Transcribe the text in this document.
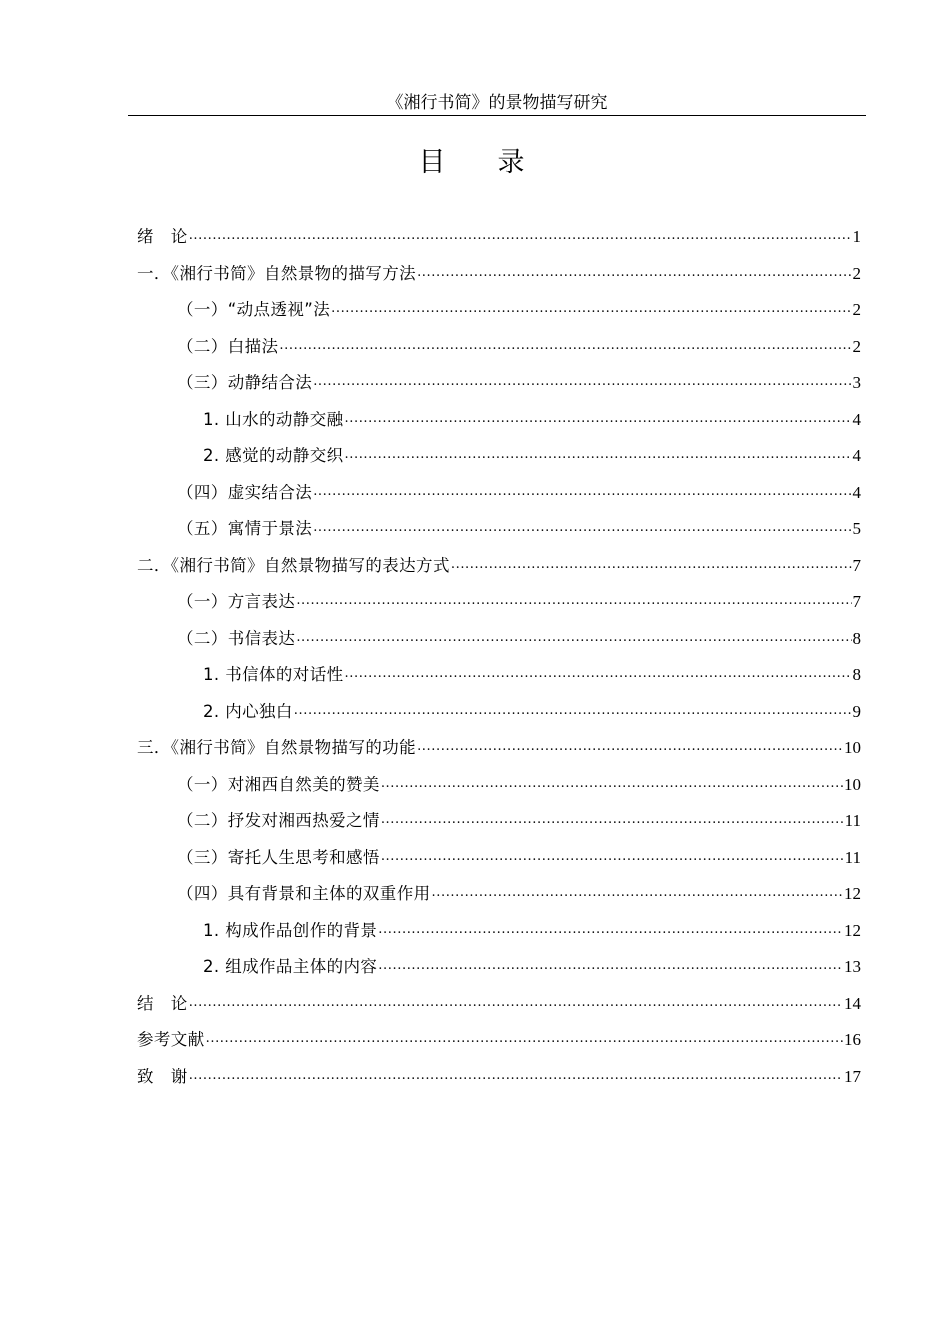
《湘行书简》的景物描写研究
目录
绪　论 .....	1
一．《湘行书简》自然景物的描写方法 .....	2
（一）“动点透视”法 .....	2
（二）白描法 .....	2
（三）动静结合法 .....	3
1. 山水的动静交融 .....	4
2. 感觉的动静交织 .....	4
（四）虚实结合法 .....	4
（五）寓情于景法 .....	5
二．《湘行书简》自然景物描写的表达方式 .....	7
（一）方言表达 .....	7
（二）书信表达 .....	8
1. 书信体的对话性 .....	8
2. 内心独白 .....	9
三．《湘行书简》自然景物描写的功能 .....	10
（一）对湘西自然美的赞美 .....	10
（二）抒发对湘西热爱之情 .....	11
（三）寄托人生思考和感悟 .....	11
（四）具有背景和主体的双重作用 .....	12
1. 构成作品创作的背景 .....	12
2. 组成作品主体的内容 .....	13
结　论 .....	14
参考文献 .....	16
致　谢 .....	17
